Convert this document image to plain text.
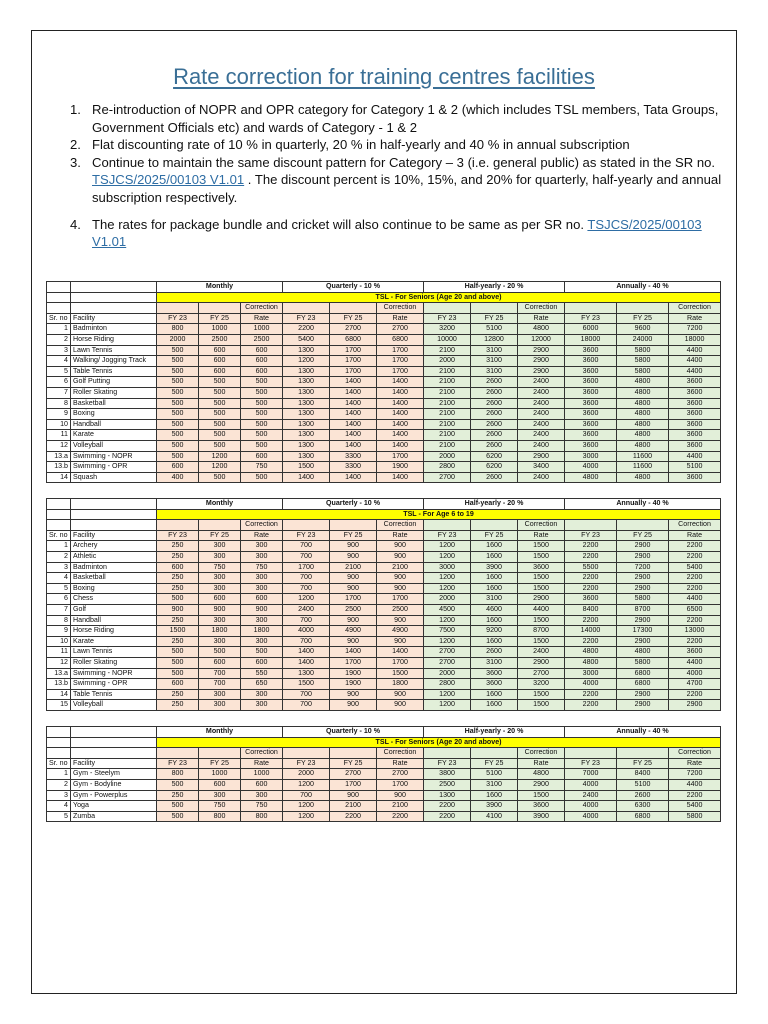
Rate correction for training centres facilities
1. Re-introduction of NOPR and OPR category for Category 1 & 2 (which includes TSL members, Tata Groups, Government Officials etc) and wards of Category - 1 & 2
2. Flat discounting rate of 10 % in quarterly, 20 % in half-yearly and 40 % in annual subscription
3. Continue to maintain the same discount pattern for Category – 3 (i.e. general public) as stated in the SR no. TSJCS/2025/00103 V1.01 . The discount percent is 10%, 15%, and 20% for quarterly, half-yearly and annual subscription respectively.
4. The rates for package bundle and cricket will also continue to be same as per SR no. TSJCS/2025/00103 V1.01
		Monthly			Quarterly - 10 %			Half-yearly - 20 %			Annually - 40 %		
		TSL - For Seniors (Age 20 and above)											
				Correction			Correction			Correction			Correction
Sr. no	Facility	FY 23	FY 25	Rate	FY 23	FY 25	Rate	FY 23	FY 25	Rate	FY 23	FY 25	Rate
1	Badminton	800	1000	1000	2200	2700	2700	3200	5100	4800	6000	9600	7200
2	Horse Riding	2000	2500	2500	5400	6800	6800	10000	12800	12000	18000	24000	18000
3	Lawn Tennis	500	600	600	1300	1700	1700	2100	3100	2900	3600	5800	4400
4	Walking/ Jogging Track	500	600	600	1200	1700	1700	2000	3100	2900	3600	5800	4400
5	Table Tennis	500	600	600	1300	1700	1700	2100	3100	2900	3600	5800	4400
6	Golf Putting	500	500	500	1300	1400	1400	2100	2600	2400	3600	4800	3600
7	Roller Skating	500	500	500	1300	1400	1400	2100	2600	2400	3600	4800	3600
8	Basketball	500	500	500	1300	1400	1400	2100	2600	2400	3600	4800	3600
9	Boxing	500	500	500	1300	1400	1400	2100	2600	2400	3600	4800	3600
10	Handball	500	500	500	1300	1400	1400	2100	2600	2400	3600	4800	3600
11	Karate	500	500	500	1300	1400	1400	2100	2600	2400	3600	4800	3600
12	Volleyball	500	500	500	1300	1400	1400	2100	2600	2400	3600	4800	3600
13.a	Swimming - NOPR	500	1200	600	1300	3300	1700	2000	6200	2900	3000	11600	4400
13.b	Swimming - OPR	600	1200	750	1500	3300	1900	2800	6200	3400	4000	11600	5100
14	Squash	400	500	500	1400	1400	1400	2700	2600	2400	4800	4800	3600
		Monthly			Quarterly - 10 %			Half-yearly - 20 %			Annually - 40 %		
		TSL - For Age 6 to 19											
				Correction			Correction			Correction			Correction
Sr. no	Facility	FY 23	FY 25	Rate	FY 23	FY 25	Rate	FY 23	FY 25	Rate	FY 23	FY 25	Rate
1	Archery	250	300	300	700	900	900	1200	1600	1500	2200	2900	2200
2	Athletic	250	300	300	700	900	900	1200	1600	1500	2200	2900	2200
3	Badminton	600	750	750	1700	2100	2100	3000	3900	3600	5500	7200	5400
4	Basketball	250	300	300	700	900	900	1200	1600	1500	2200	2900	2200
5	Boxing	250	300	300	700	900	900	1200	1600	1500	2200	2900	2200
6	Chess	500	600	600	1200	1700	1700	2000	3100	2900	3600	5800	4400
7	Golf	900	900	900	2400	2500	2500	4500	4600	4400	8400	8700	6500
8	Handball	250	300	300	700	900	900	1200	1600	1500	2200	2900	2200
9	Horse Riding	1500	1800	1800	4000	4900	4900	7500	9200	8700	14000	17300	13000
10	Karate	250	300	300	700	900	900	1200	1600	1500	2200	2900	2200
11	Lawn Tennis	500	500	500	1400	1400	1400	2700	2600	2400	4800	4800	3600
12	Roller Skating	500	600	600	1400	1700	1700	2700	3100	2900	4800	5800	4400
13.a	Swimming - NOPR	500	700	550	1300	1900	1500	2000	3600	2700	3000	6800	4000
13.b	Swimming - OPR	600	700	650	1500	1900	1800	2800	3600	3200	4000	6800	4700
14	Table Tennis	250	300	300	700	900	900	1200	1600	1500	2200	2900	2200
15	Volleyball	250	300	300	700	900	900	1200	1600	1500	2200	2900	2900
		Monthly			Quarterly - 10 %			Half-yearly - 20 %			Annually - 40 %		
		TSL - For Seniors (Age 20 and above)											
				Correction			Correction			Correction			Correction
Sr. no	Facility	FY 23	FY 25	Rate	FY 23	FY 25	Rate	FY 23	FY 25	Rate	FY 23	FY 25	Rate
1	Gym - Steelym	800	1000	1000	2000	2700	2700	3800	5100	4800	7000	8400	7200
2	Gym - Bodyline	500	600	600	1200	1700	1700	2500	3100	2900	4000	5100	4400
3	Gym - Powerplus	250	300	300	700	900	900	1300	1600	1500	2400	2600	2200
4	Yoga	500	750	750	1200	2100	2100	2200	3900	3600	4000	6300	5400
5	Zumba	500	800	800	1200	2200	2200	2200	4100	3900	4000	6800	5800
